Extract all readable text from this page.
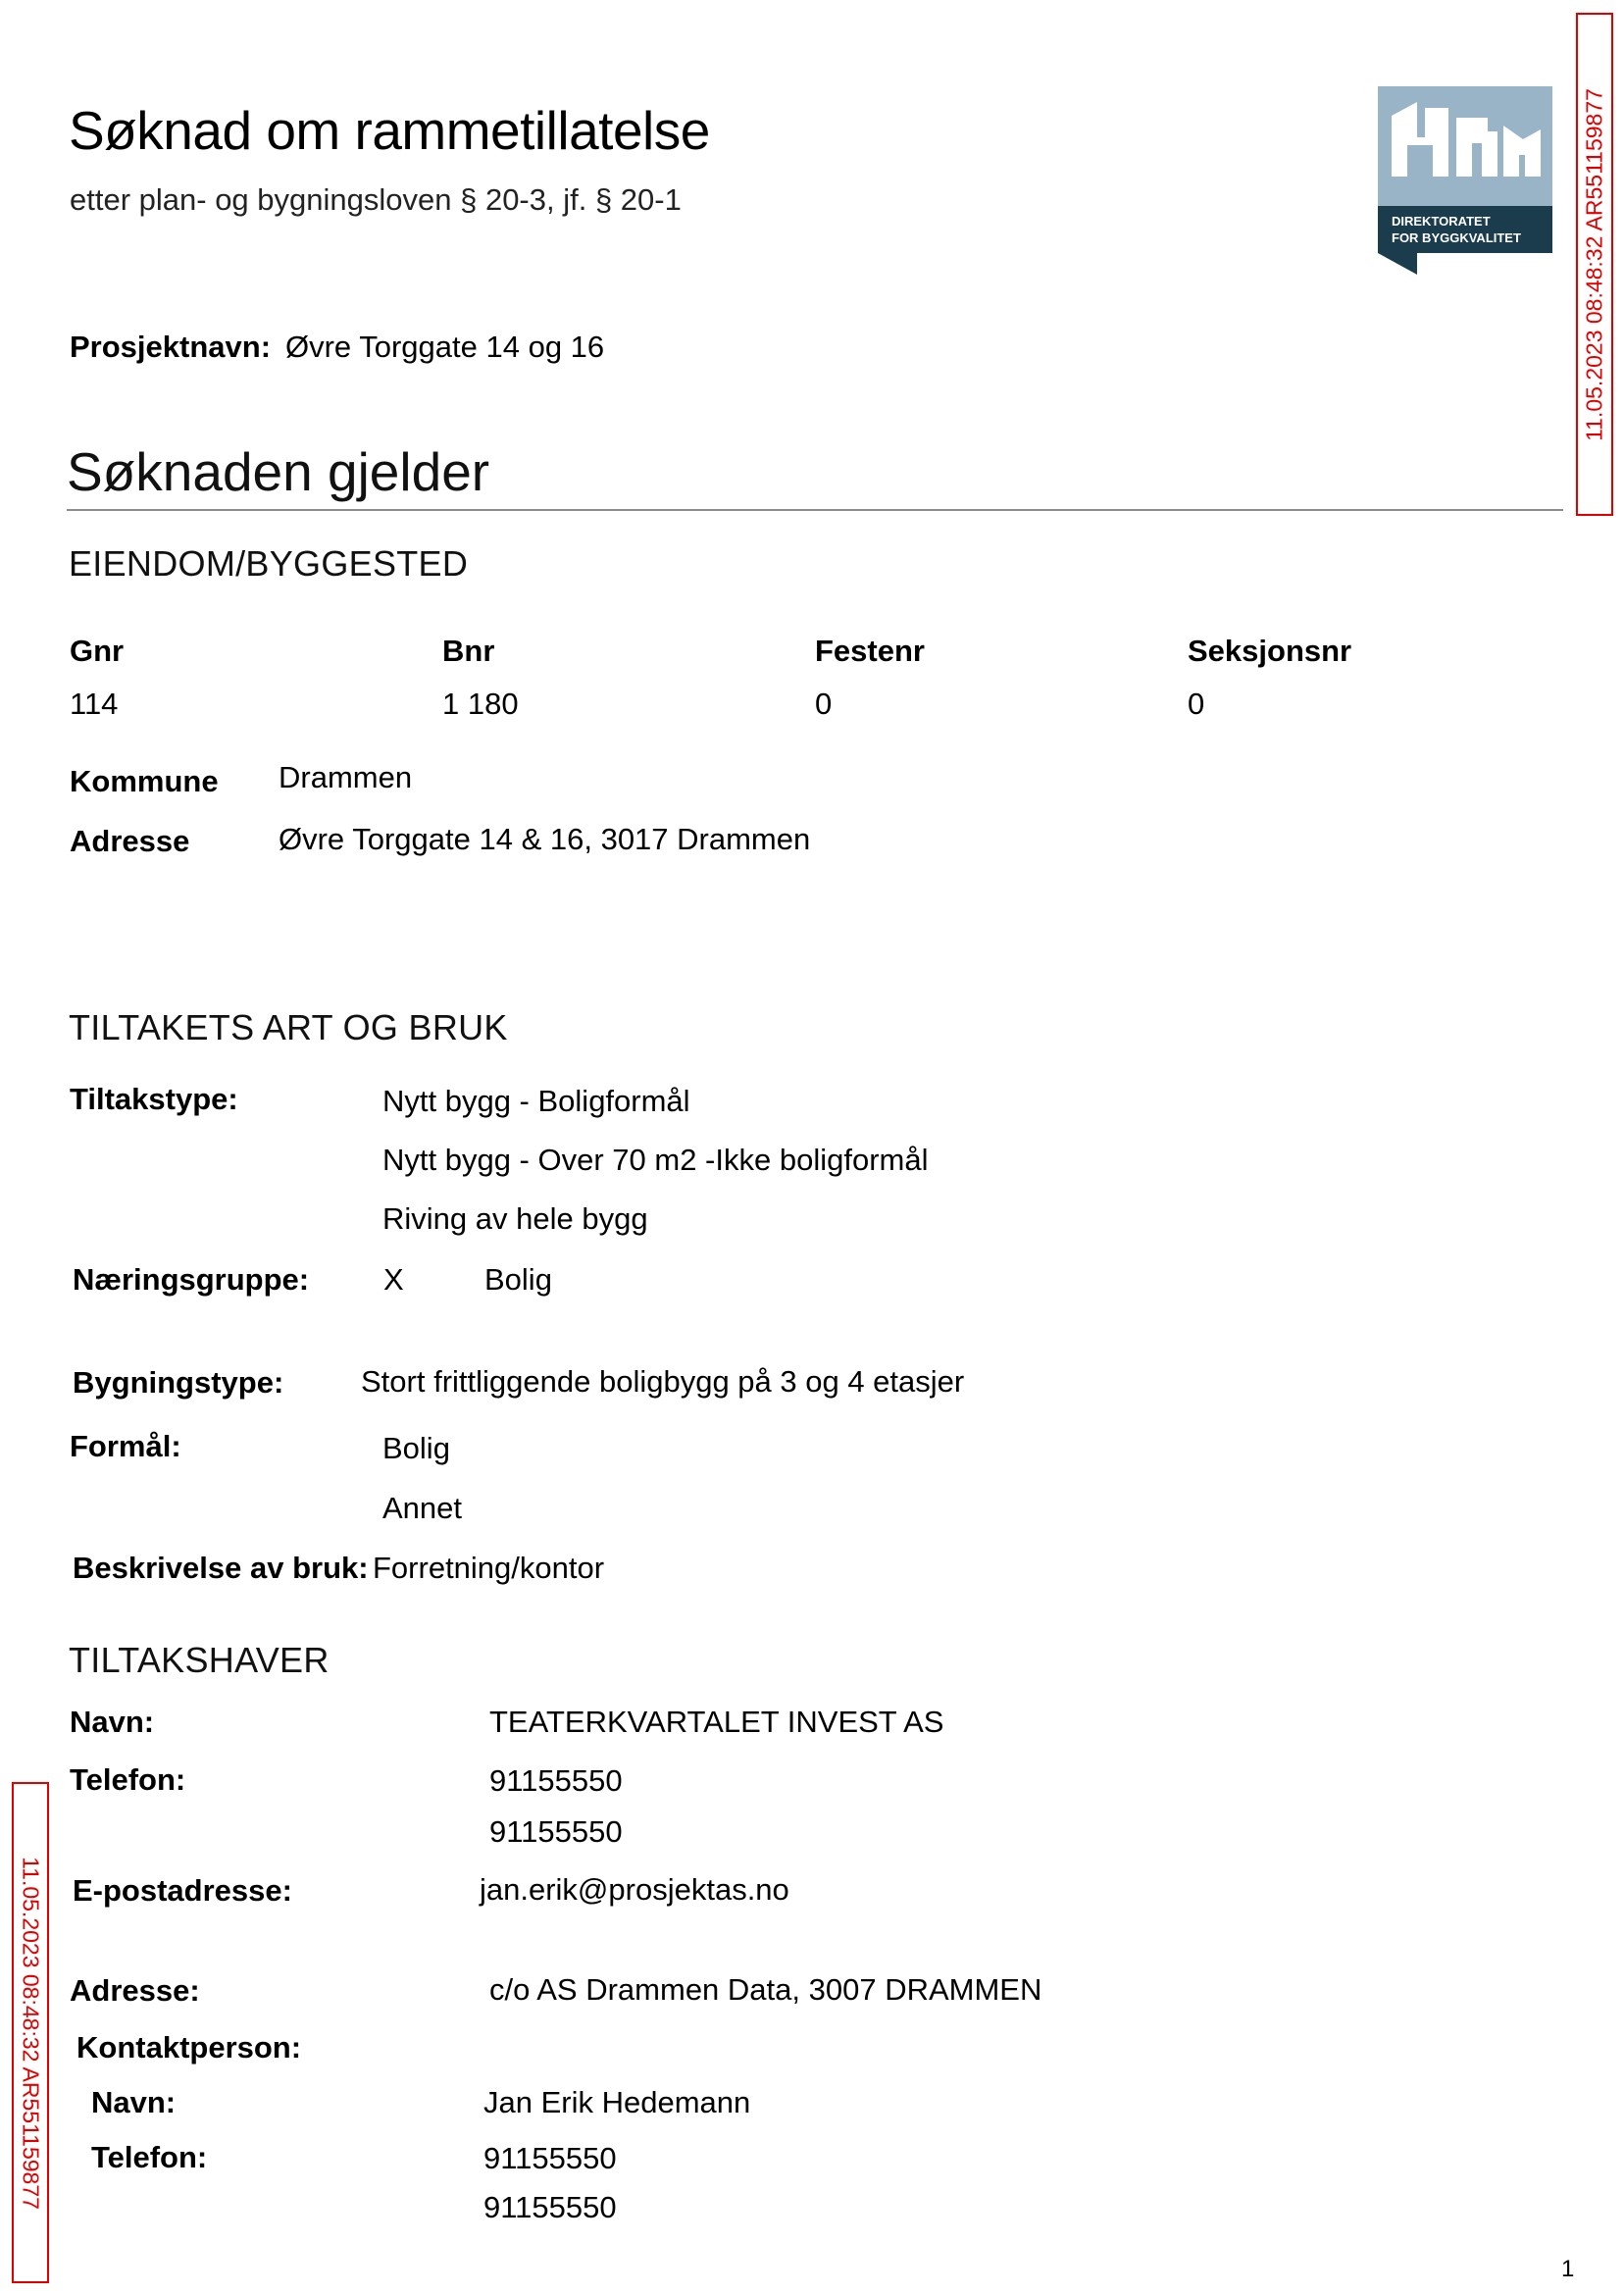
Søknad om rammetillatelse
etter plan- og bygningsloven § 20-3, jf. § 20-1
DIREKTORATET
FOR BYGGKVALITET	11.05.2023 08:48:32 AR551159877
11.05.2023 08:48:32 AR551159877
Prosjektnavn: Øvre Torggate 14 og 16
Søknaden gjelder
EIENDOM/BYGGESTED
Gnr	Bnr	Festenr	Seksjonsnr
114	1 180	0	0
Kommune Drammen
Adresse	Øvre Torggate 14 & 16, 3017 Drammen
TILTAKETS ART OG BRUK
Tiltakstype:	Nytt bygg - Boligformål
Nytt bygg - Over 70 m2 -Ikke boligformål
Riving av hele bygg
Næringsgruppe: X	Bolig
Bygningstype:	Stort frittliggende boligbygg på 3 og 4 etasjer
Formål:	Bolig
Annet
Beskrivelse av bruk: Forretning/kontor
TILTAKSHAVER
Navn:	TEATERKVARTALET INVEST AS
Telefon:	91155550
91155550
E-postadresse:	jan.erik@prosjektas.no
Adresse:	c/o AS Drammen Data, 3007 DRAMMEN
Kontaktperson:
Navn:	Jan Erik Hedemann
Telefon:	91155550
91155550
1
